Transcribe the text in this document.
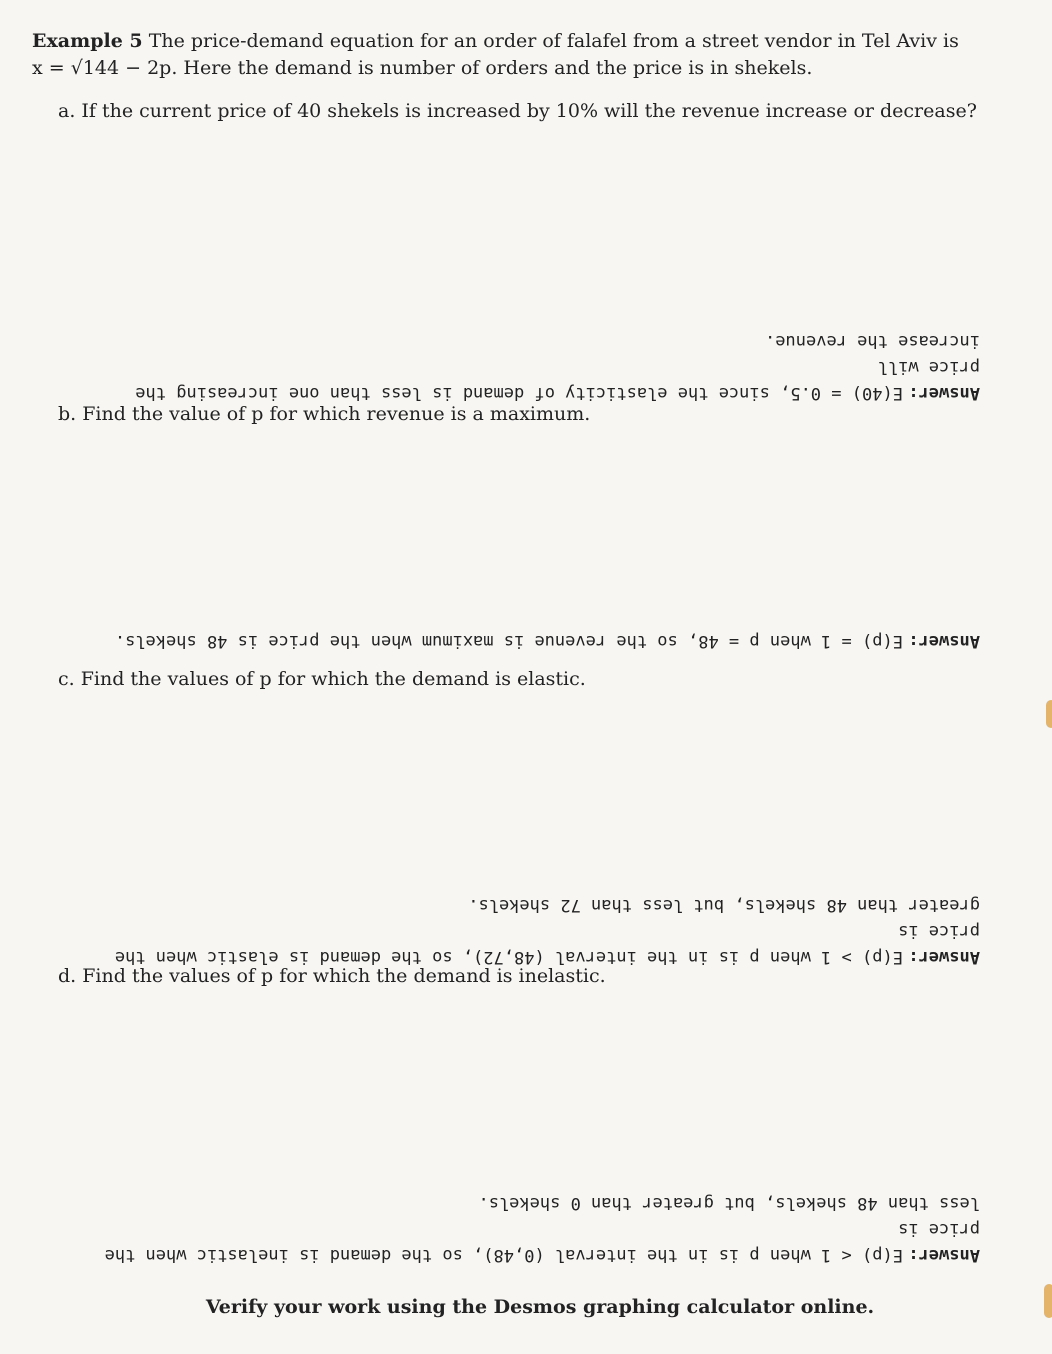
Example 5 The price-demand equation for an order of falafel from a street vendor in Tel Aviv is
x = √144 − 2p. Here the demand is number of orders and the price is in shekels.
a. If the current price of 40 shekels is increased by 10% will the revenue increase or decrease?
Answer: E(40) = 0.5, since the elasticity of demand is less than one increasing the price will
increase the revenue.
b. Find the value of p for which revenue is a maximum.
Answer: E(p) = 1 when p = 48, so the revenue is maximum when the price is 48 shekels.
c. Find the values of p for which the demand is elastic.
Answer: E(p) > 1 when p is in the interval (48,72), so the demand is elastic when the price is
greater than 48 shekels, but less than 72 shekels.
d. Find the values of p for which the demand is inelastic.
Answer: E(p) < 1 when p is in the interval (0,48), so the demand is inelastic when the price is
less than 48 shekels, but greater than 0 shekels.
Verify your work using the Desmos graphing calculator online.
